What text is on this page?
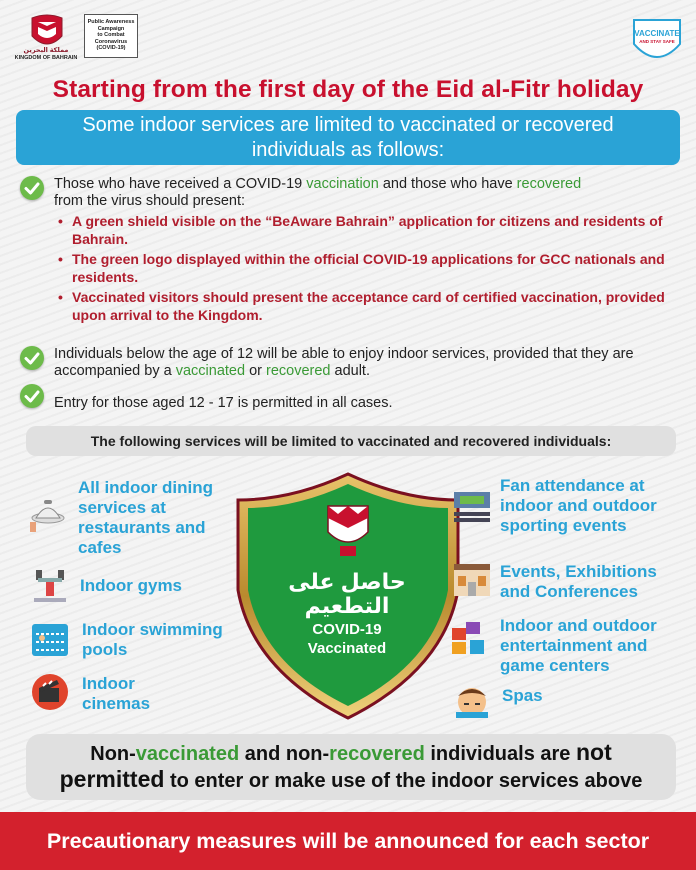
مملكة البحرين
KINGDOM OF BAHRAIN
Public Awareness
Campaign
to Combat
Coronavirus
(COVID-19)
VACCINATE
AND STAY SAFE
Starting from the first day of the Eid al-Fitr holiday
Some indoor services are limited to vaccinated or recovered
individuals as follows:
Those who have received a COVID-19 vaccination and those who have recovered
from the virus should present:
• A green shield visible on the “BeAware Bahrain” application for citizens and residents of Bahrain.
• The green logo displayed within the official COVID-19 applications for GCC nationals and residents.
• Vaccinated visitors should present the acceptance card of certified vaccination, provided upon arrival to the Kingdom.
Individuals below the age of 12 will be able to enjoy indoor services, provided that they are accompanied by a vaccinated or recovered adult.
Entry for those aged 12 - 17 is permitted in all cases.
The following services will be limited to vaccinated and recovered individuals:
All indoor dining services at restaurants and cafes
Indoor gyms
Indoor swimming pools
Indoor cinemas
حاصل على
التطعيم
COVID-19
Vaccinated
Fan attendance at indoor and outdoor sporting events
Events, Exhibitions and Conferences
Indoor and outdoor entertainment and game centers
Spas
Non-vaccinated and non-recovered individuals are not
permitted to enter or make use of the indoor services above
Precautionary measures will be announced for each sector
